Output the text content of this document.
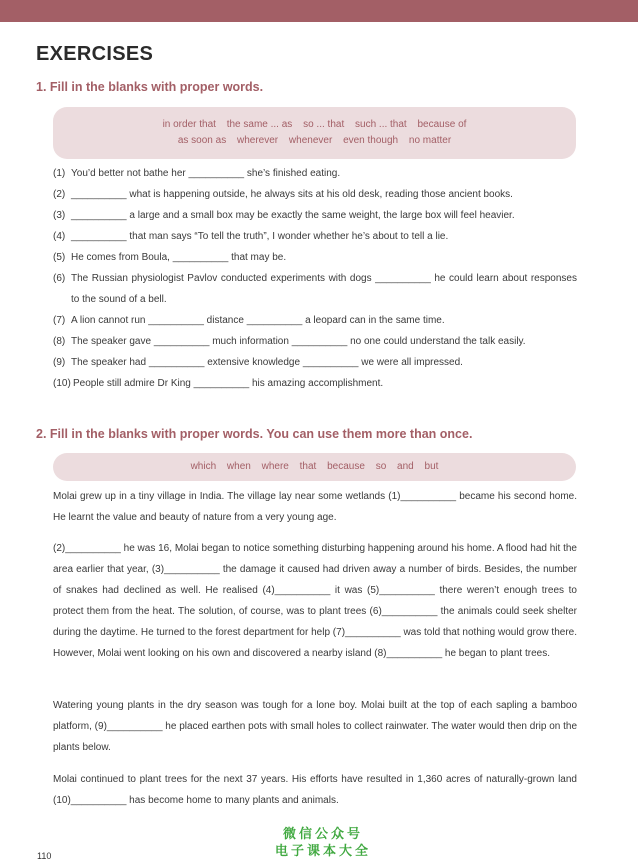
EXERCISES
1. Fill in the blanks with proper words.
in order that the same ... as so ... that such ... that because of
as soon as wherever whenever even though no matter
(1) You’d better not bathe her __________ she’s finished eating.
(2) __________ what is happening outside, he always sits at his old desk, reading those ancient books.
(3) __________ a large and a small box may be exactly the same weight, the large box will feel heavier.
(4) __________ that man says “To tell the truth”, I wonder whether he’s about to tell a lie.
(5) He comes from Boula, __________ that may be.
(6) The Russian physiologist Pavlov conducted experiments with dogs __________ he could learn about responses to the sound of a bell.
(7) A lion cannot run __________ distance __________ a leopard can in the same time.
(8) The speaker gave __________ much information __________ no one could understand the talk easily.
(9) The speaker had __________ extensive knowledge __________ we were all impressed.
(10) People still admire Dr King __________ his amazing accomplishment.
2. Fill in the blanks with proper words. You can use them more than once.
which when where that because so and but

Molai grew up in a tiny village in India. The village lay near some wetlands (1)__________ became his second home. He learnt the value and beauty of nature from a very young age.

(2)__________ he was 16, Molai began to notice something disturbing happening around his home. A flood had hit the area earlier that year, (3)__________ the damage it caused had driven away a number of birds. Besides, the number of snakes had declined as well. He realised (4)__________ it was (5)__________ there weren’t enough trees to protect them from the heat. The solution, of course, was to plant trees (6)__________ the animals could seek shelter during the daytime. He turned to the forest department for help (7)__________ was told that nothing would grow there. However, Molai went looking on his own and discovered a nearby island (8)__________ he began to plant trees.

Watering young plants in the dry season was tough for a lone boy. Molai built at the top of each sapling a bamboo platform, (9)__________ he placed earthen pots with small holes to collect rainwater. The water would then drip on the plants below.

Molai continued to plant trees for the next 37 years. His efforts have resulted in 1,360 acres of naturally-grown land (10)__________ has become home to many plants and animals.

微信公众号
电子课本大全
110
